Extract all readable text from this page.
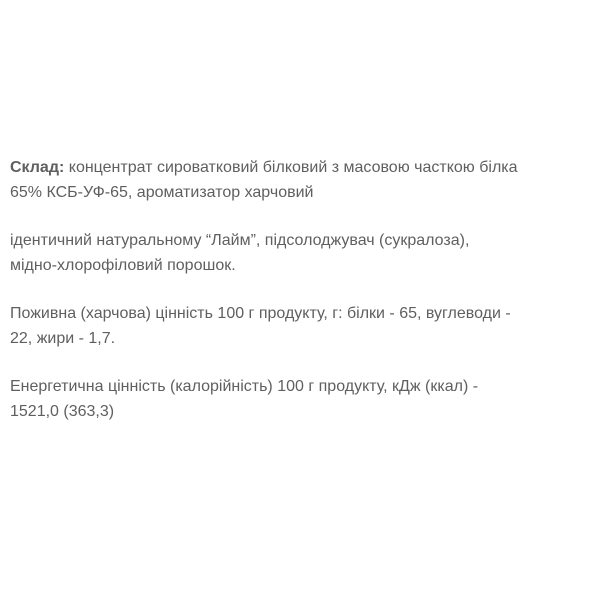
Склад: концентрат сироватковий білковий з масовою часткою білка
65% КСБ-УФ-65, ароматизатор харчовий

ідентичний натуральному “Лайм”, підсолоджувач (сукралоза),
мідно-хлорофіловий порошок.

Поживна (харчова) цінність 100 г продукту, г: білки - 65, вуглеводи -
22, жири - 1,7.

Енергетична цінність (калорійність) 100 г продукту, кДж (ккал) -
1521,0 (363,3)
